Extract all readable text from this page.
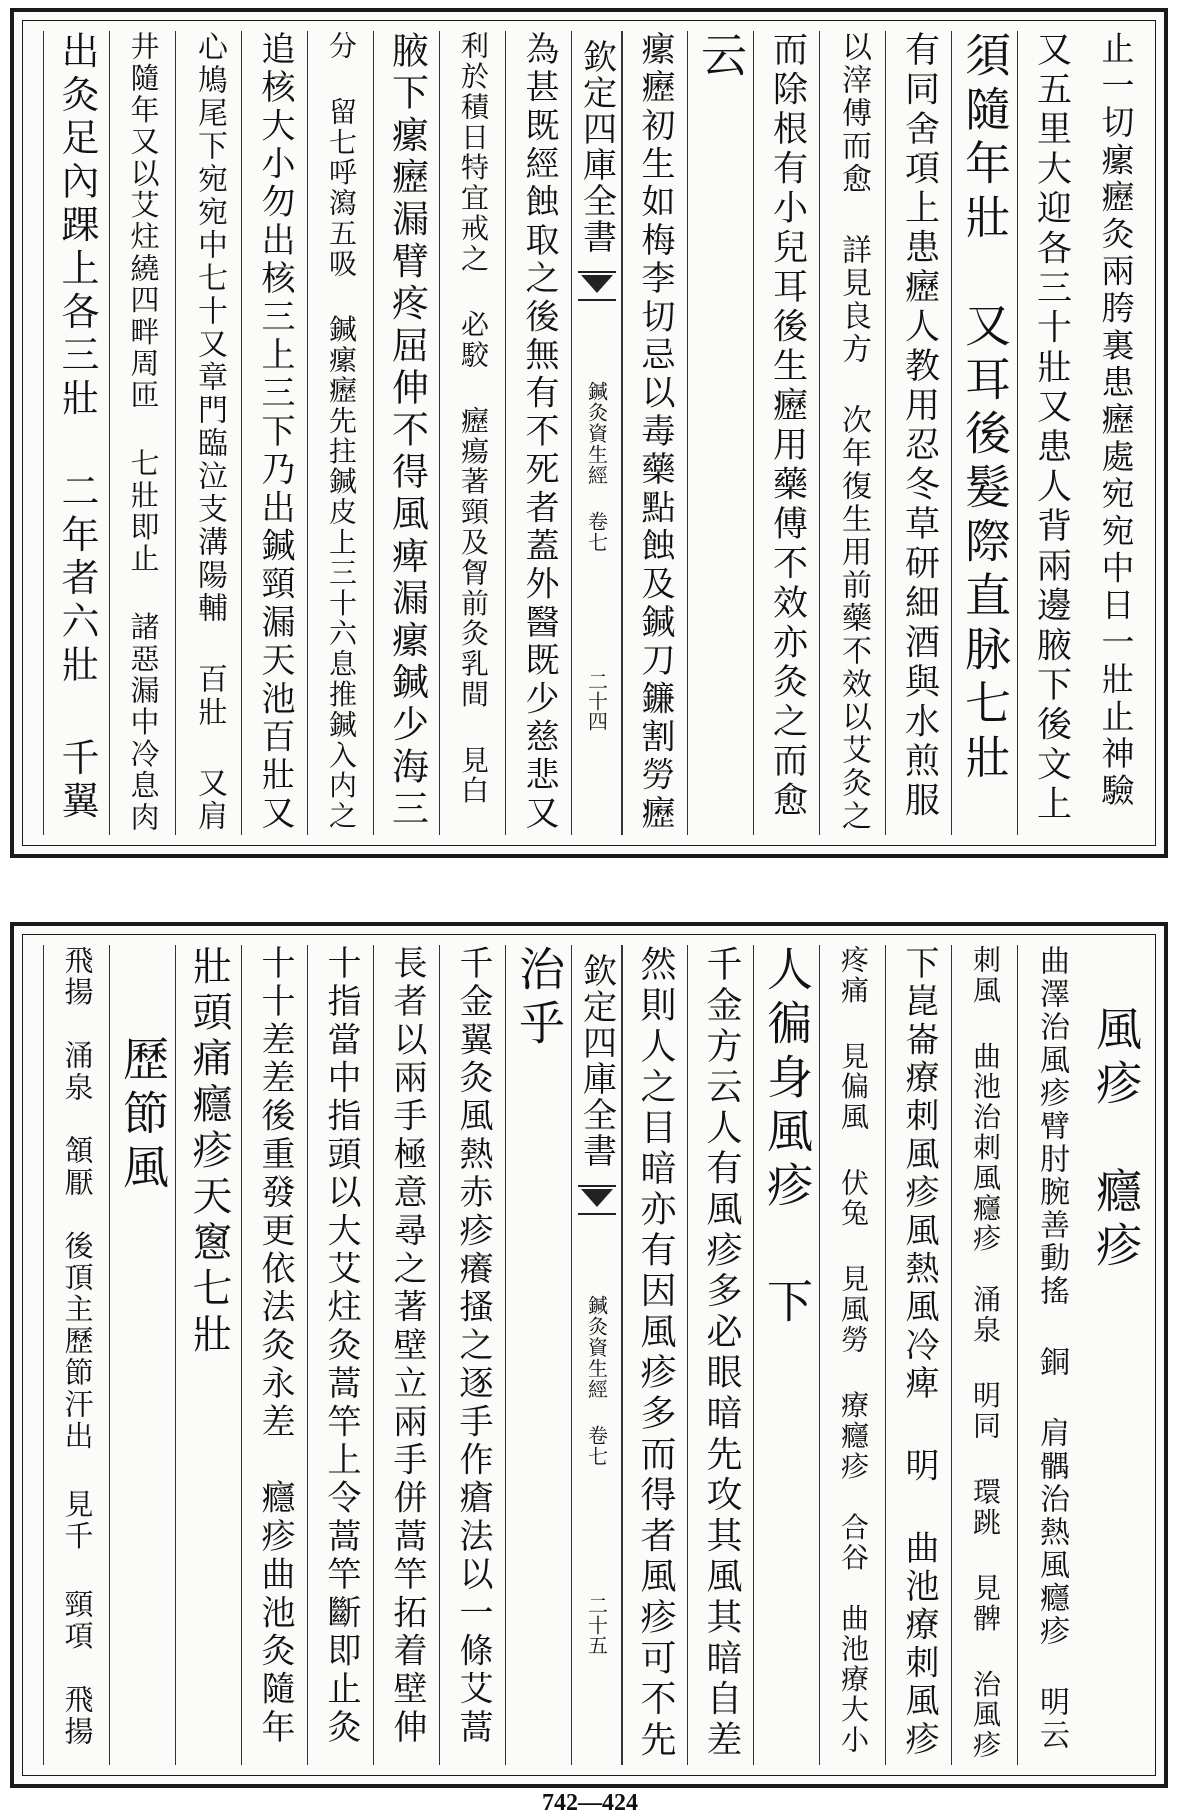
止一切瘰癧灸兩胯裏患癧處宛宛中日一壯止神驗
又五里大迎各三十壯又患人背兩邊腋下後文上
須隨年壯　又耳後髮際直脉七壯
有同舍項上患癧人教用忍冬草研細酒與水煎服
以滓傅而愈 詳見良方 次年復生用前藥不效以艾灸之
而除根有小兒耳後生癧用藥傅不效亦灸之而愈
云
瘰癧初生如梅李切忌以毒藥點蝕及鍼刀鐮割勞癧
欽定四庫全書
鍼灸資生經 卷七
二十四
為甚既經蝕取之後無有不死者蓋外醫既少慈悲又
利於積日特宜戒之 必駮 癧瘍著頸及胷前灸乳間 見白
腋下瘰癧漏臂疼屈伸不得風痺漏瘰鍼少海三
分 留七呼瀉五吸 鍼瘰癧先拄鍼皮上三十六息推鍼入内之
追核大小勿出核三上三下乃出鍼頸漏天池百壯又
心鳩尾下宛宛中七十又章門臨泣支溝陽輔 百壯 又肩
井隨年又以艾炷繞四畔周匝 七壯即止 諸惡漏中冷息肉
出灸足內踝上各三壯 二年者六壯 千翼
風疹　癮疹
曲澤治風疹臂肘腕善動搖 銅 肩髃治熱風癮疹 明云
刺風 曲池治刺風癮疹　涌泉 明同 環跳 見髀 治風疹
下崑崙療刺風疹風熱風冷痺 明 曲池療刺風疹
疼痛 見偏風 伏兔 見風勞 療癮疹　合谷　曲池療大小
人徧身風疹 下
千金方云人有風疹多必眼暗先攻其風其暗自差
然則人之目暗亦有因風疹多而得者風疹可不先
欽定四庫全書
鍼灸資生經 卷七
二十五
治乎
千金翼灸風熱赤疹癢搔之逐手作瘡法以一條艾蒿
長者以兩手極意尋之著壁立兩手併蒿竿拓着壁伸
十指當中指頭以大艾炷灸蒿竿上令蒿竿斷即止灸
十十差差後重發更依法灸永差　癮疹曲池灸隨年
壯頭痛癮疹天窻七壯
歷節風
飛揚　涌泉　頷厭　後頂主歷節汗出 見千 頸項　飛揚
742—424
